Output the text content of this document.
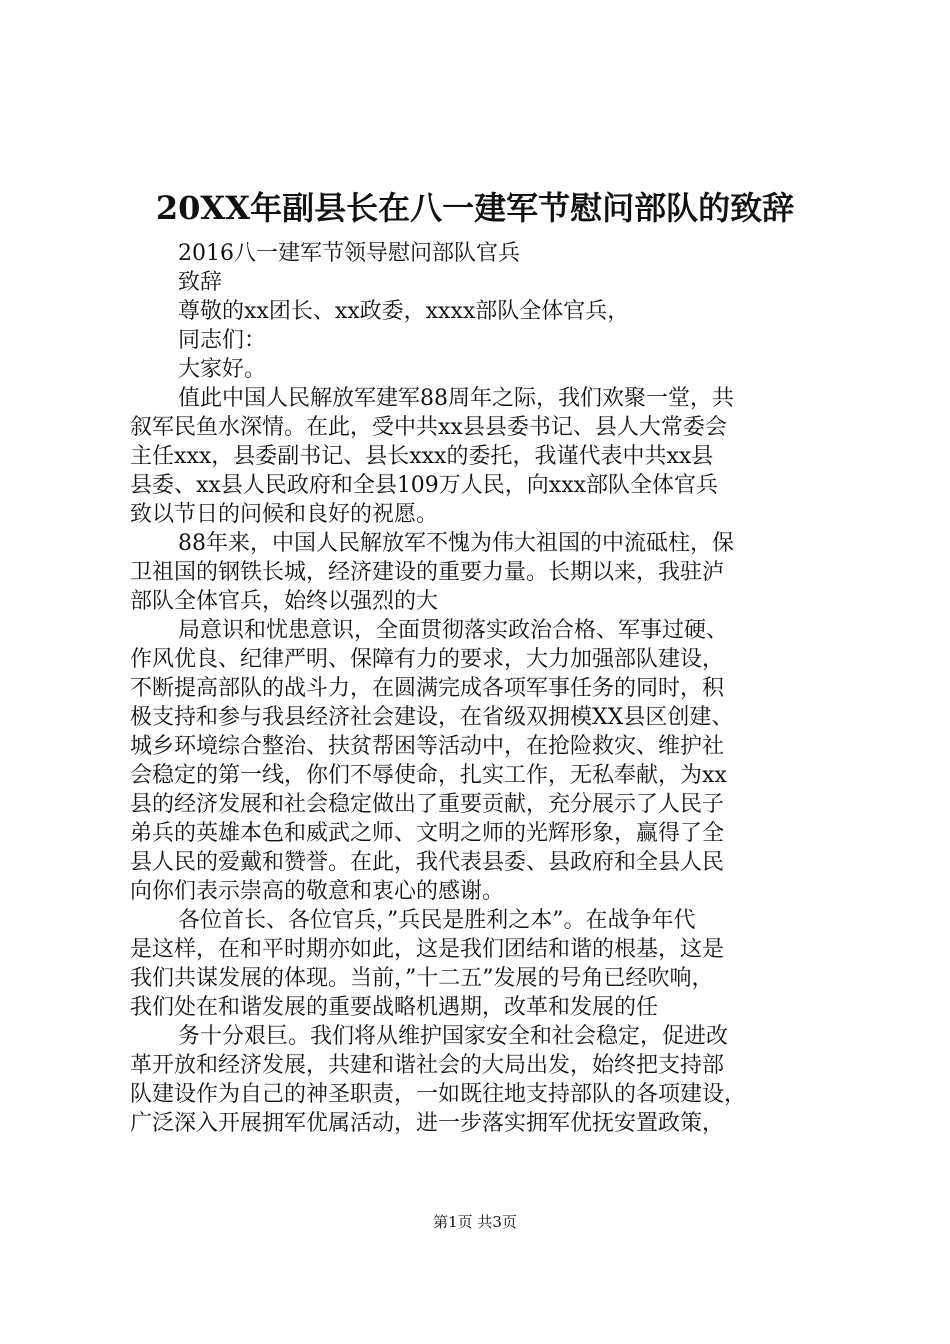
20XX年副县长在八一建军节慰问部队的致辞
2016八一建军节领导慰问部队官兵
致辞
尊敬的xx团长、xx政委，xxxx部队全体官兵，
同志们：
大家好。
值此中国人民解放军建军88周年之际，我们欢聚一堂，共
叙军民鱼水深情。在此，受中共xx县县委书记、县人大常委会
主任xxx，县委副书记、县长xxx的委托，我谨代表中共xx县
县委、xx县人民政府和全县109万人民，向xxx部队全体官兵
致以节日的问候和良好的祝愿。
88年来，中国人民解放军不愧为伟大祖国的中流砥柱，保
卫祖国的钢铁长城，经济建设的重要力量。长期以来，我驻泸
部队全体官兵，始终以强烈的大
局意识和忧患意识，全面贯彻落实政治合格、军事过硬、
作风优良、纪律严明、保障有力的要求，大力加强部队建设，
不断提高部队的战斗力，在圆满完成各项军事任务的同时，积
极支持和参与我县经济社会建设，在省级双拥模XX县区创建、
城乡环境综合整治、扶贫帮困等活动中，在抢险救灾、维护社
会稳定的第一线，你们不辱使命，扎实工作，无私奉献，为xx
县的经济发展和社会稳定做出了重要贡献，充分展示了人民子
弟兵的英雄本色和威武之师、文明之师的光辉形象，赢得了全
县人民的爱戴和赞誉。在此，我代表县委、县政府和全县人民
向你们表示崇高的敬意和衷心的感谢。
各位首长、各位官兵，”兵民是胜利之本”。在战争年代
是这样，在和平时期亦如此，这是我们团结和谐的根基，这是
我们共谋发展的体现。当前，”十二五”发展的号角已经吹响，
我们处在和谐发展的重要战略机遇期，改革和发展的任
务十分艰巨。我们将从维护国家安全和社会稳定，促进改
革开放和经济发展，共建和谐社会的大局出发，始终把支持部
队建设作为自己的神圣职责，一如既往地支持部队的各项建设，
广泛深入开展拥军优属活动，进一步落实拥军优抚安置政策，
第1页 共3页
